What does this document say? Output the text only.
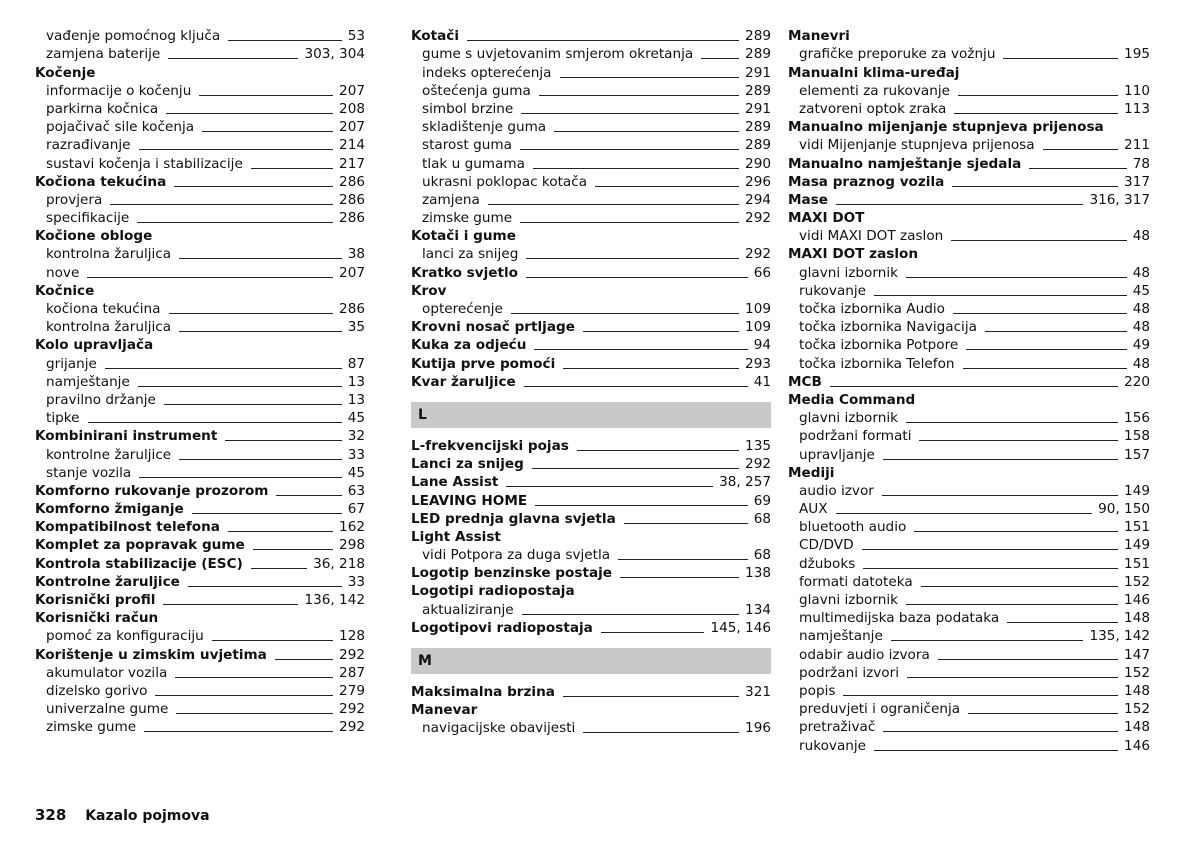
vađenje pomoćnog ključa	53
zamjena baterije	303, 304
Kočenje
informacije o kočenju	207
parkirna kočnica	208
pojačivač sile kočenja	207
razrađivanje	214
sustavi kočenja i stabilizacije	217
Kočiona tekućina	286
provjera	286
specifikacije	286
Kočione obloge
kontrolna žaruljica	38
nove	207
Kočnice
kočiona tekućina	286
kontrolna žaruljica	35
Kolo upravljača
grijanje	87
namještanje	13
pravilno držanje	13
tipke	45
Kombinirani instrument	32
kontrolne žaruljice	33
stanje vozila	45
Komforno rukovanje prozorom	63
Komforno žmiganje	67
Kompatibilnost telefona	162
Komplet za popravak gume	298
Kontrola stabilizacije (ESC)	36, 218
Kontrolne žaruljice	33
Korisnički profil	136, 142
Korisnički račun
pomoć za konfiguraciju	128
Korištenje u zimskim uvjetima	292
akumulator vozila	287
dizelsko gorivo	279
univerzalne gume	292
zimske gume	292
Kotači	289
gume s uvjetovanim smjerom okretanja	289
indeks opterećenja	291
oštećenja guma	289
simbol brzine	291
skladištenje guma	289
starost guma	289
tlak u gumama	290
ukrasni poklopac kotača	296
zamjena	294
zimske gume	292
Kotači i gume
lanci za snijeg	292
Kratko svjetlo	66
Krov
opterećenje	109
Krovni nosač prtljage	109
Kuka za odjeću	94
Kutija prve pomoći	293
Kvar žaruljice	41
L
L-frekvencijski pojas	135
Lanci za snijeg	292
Lane Assist	38, 257
LEAVING HOME	69
LED prednja glavna svjetla	68
Light Assist
vidi Potpora za duga svjetla	68
Logotip benzinske postaje	138
Logotipi radiopostaja
aktualiziranje	134
Logotipovi radiopostaja	145, 146
M
Maksimalna brzina	321
Manevar
navigacijske obavijesti	196
Manevri
grafičke preporuke za vožnju	195
Manualni klima-uređaj
elementi za rukovanje	110
zatvoreni optok zraka	113
Manualno mijenjanje stupnjeva prijenosa
vidi Mijenjanje stupnjeva prijenosa	211
Manualno namještanje sjedala	78
Masa praznog vozila	317
Mase	316, 317
MAXI DOT
vidi MAXI DOT zaslon	48
MAXI DOT zaslon
glavni izbornik	48
rukovanje	45
točka izbornika Audio	48
točka izbornika Navigacija	48
točka izbornika Potpore	49
točka izbornika Telefon	48
MCB	220
Media Command
glavni izbornik	156
podržani formati	158
upravljanje	157
Mediji
audio izvor	149
AUX	90, 150
bluetooth audio	151
CD/DVD	149
džuboks	151
formati datoteka	152
glavni izbornik	146
multimedijska baza podataka	148
namještanje	135, 142
odabir audio izvora	147
podržani izvori	152
popis	148
preduvjeti i ograničenja	152
pretraživač	148
rukovanje	146
328 Kazalo pojmova
